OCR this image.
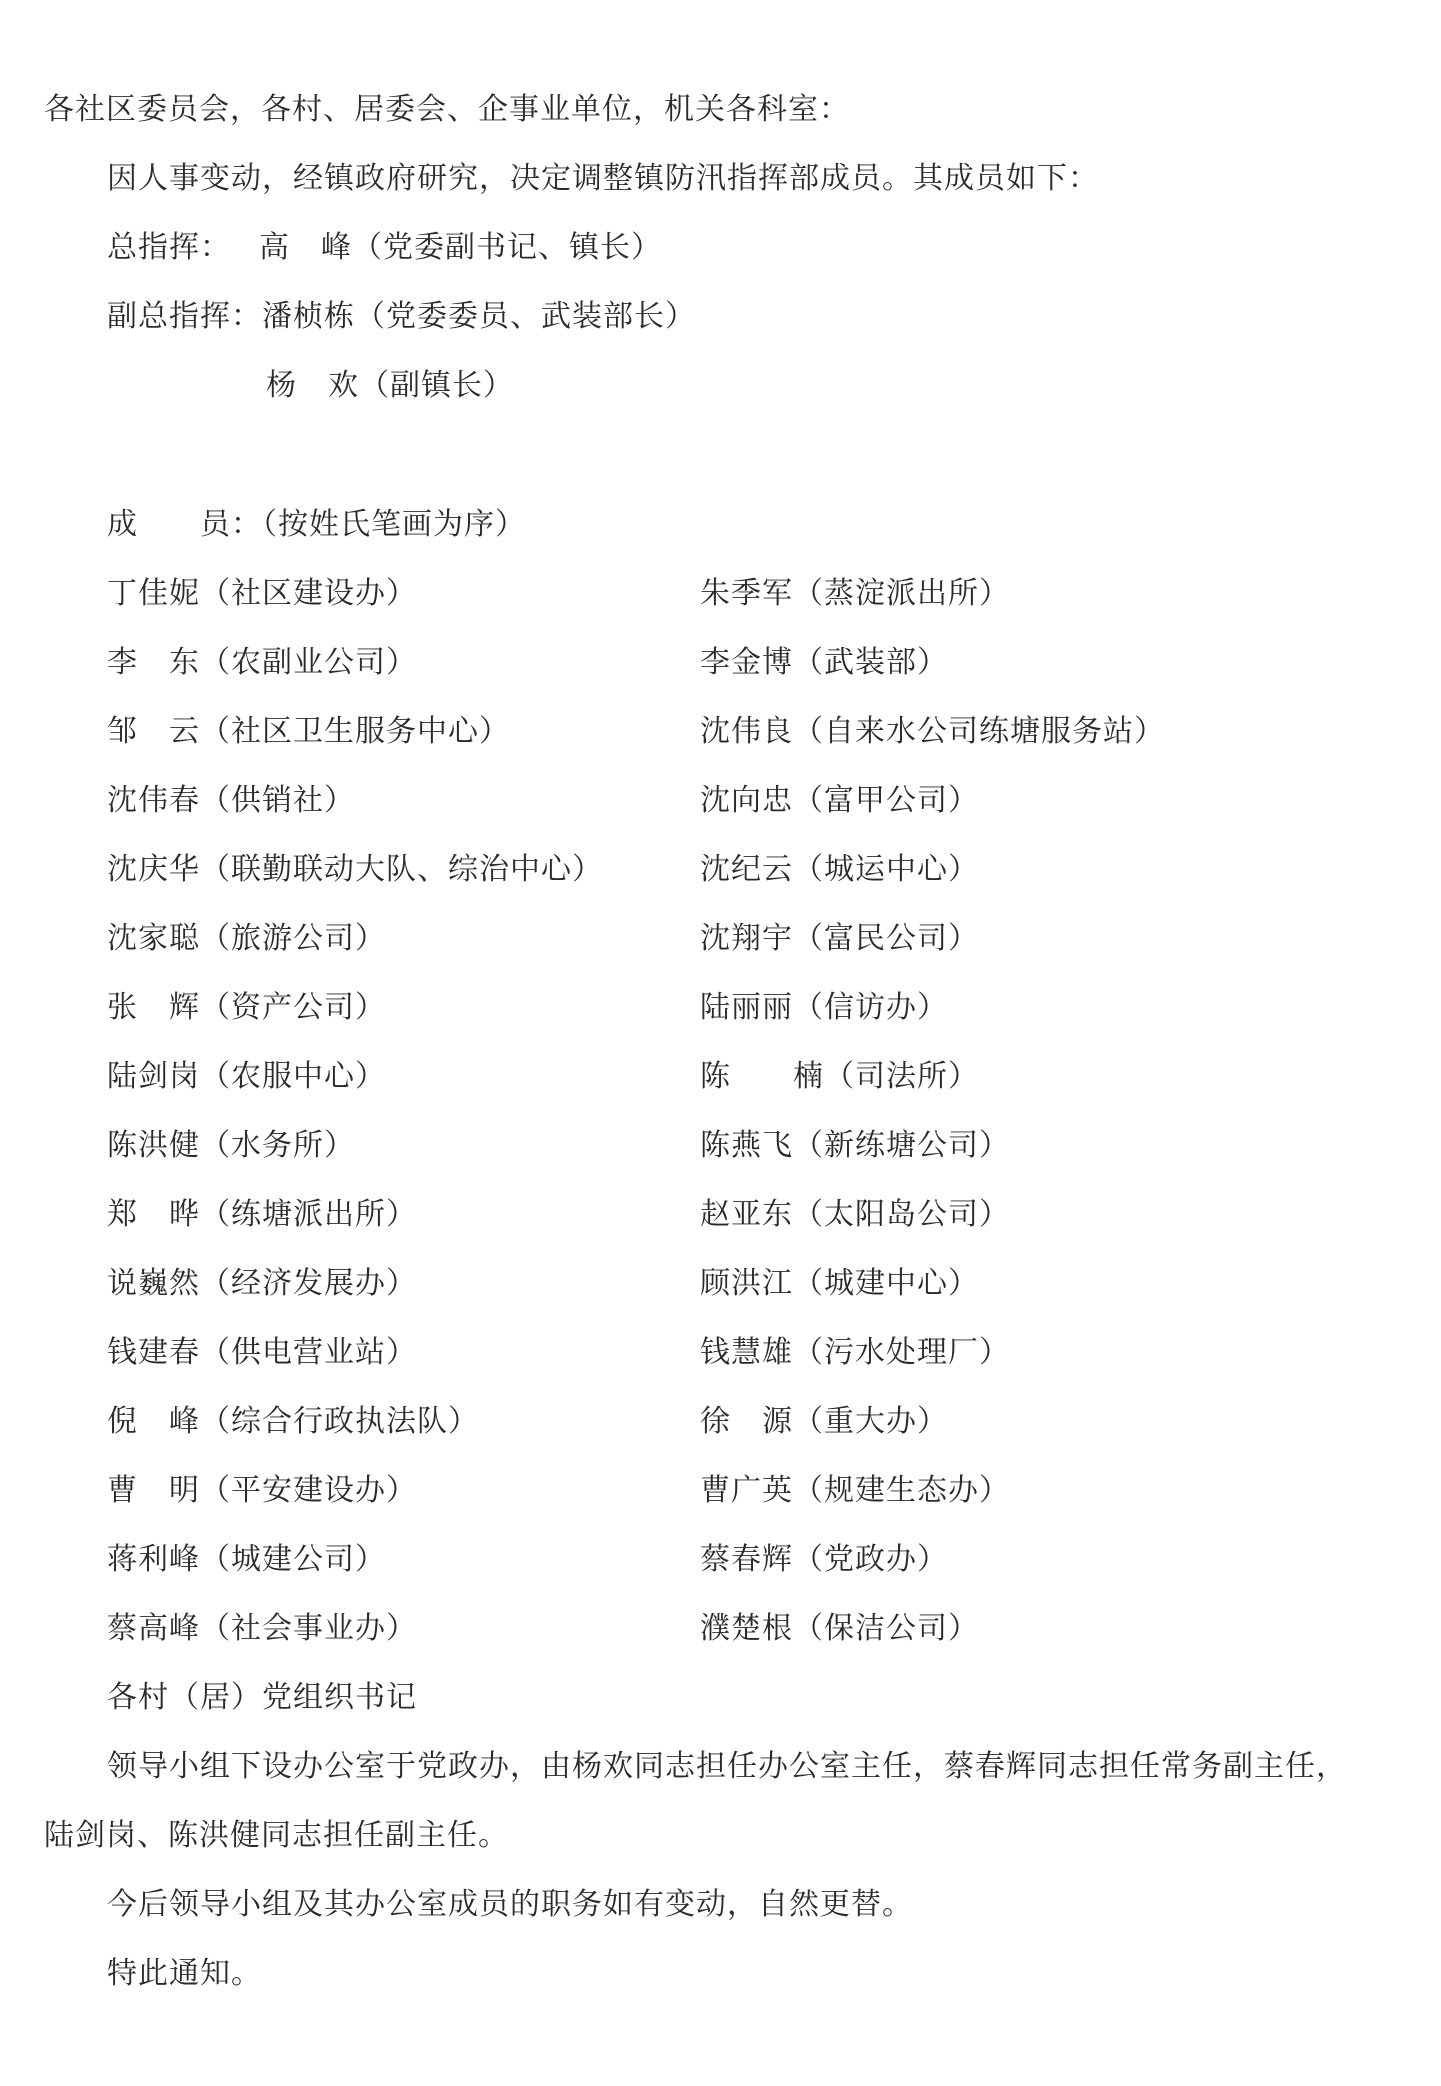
各社区委员会，各村、居委会、企事业单位，机关各科室：
因人事变动，经镇政府研究，决定调整镇防汛指挥部成员。其成员如下：
总指挥： 高　峰（党委副书记、镇长）
副总指挥：潘桢栋（党委委员、武装部长）
杨　欢（副镇长）
成　　员：（按姓氏笔画为序）
丁佳妮（社区建设办）	朱季军（蒸淀派出所）
李　东（农副业公司）	李金博（武装部）
邹　云（社区卫生服务中心）	沈伟良（自来水公司练塘服务站）
沈伟春（供销社）	沈向忠（富甲公司）
沈庆华（联勤联动大队、综治中心）	沈纪云（城运中心）
沈家聪（旅游公司）	沈翔宇（富民公司）
张　辉（资产公司）	陆丽丽（信访办）
陆剑岗（农服中心）	陈　　楠（司法所）
陈洪健（水务所）	陈燕飞（新练塘公司）
郑　晔（练塘派出所）	赵亚东（太阳岛公司）
说巍然（经济发展办）	顾洪江（城建中心）
钱建春（供电营业站）	钱慧雄（污水处理厂）
倪　峰（综合行政执法队）	徐　源（重大办）
曹　明（平安建设办）	曹广英（规建生态办）
蒋利峰（城建公司）	蔡春辉（党政办）
蔡高峰（社会事业办）	濮楚根（保洁公司）
各村（居）党组织书记
领导小组下设办公室于党政办，由杨欢同志担任办公室主任，蔡春辉同志担任常务副主任，
陆剑岗、陈洪健同志担任副主任。
今后领导小组及其办公室成员的职务如有变动，自然更替。
特此通知。
